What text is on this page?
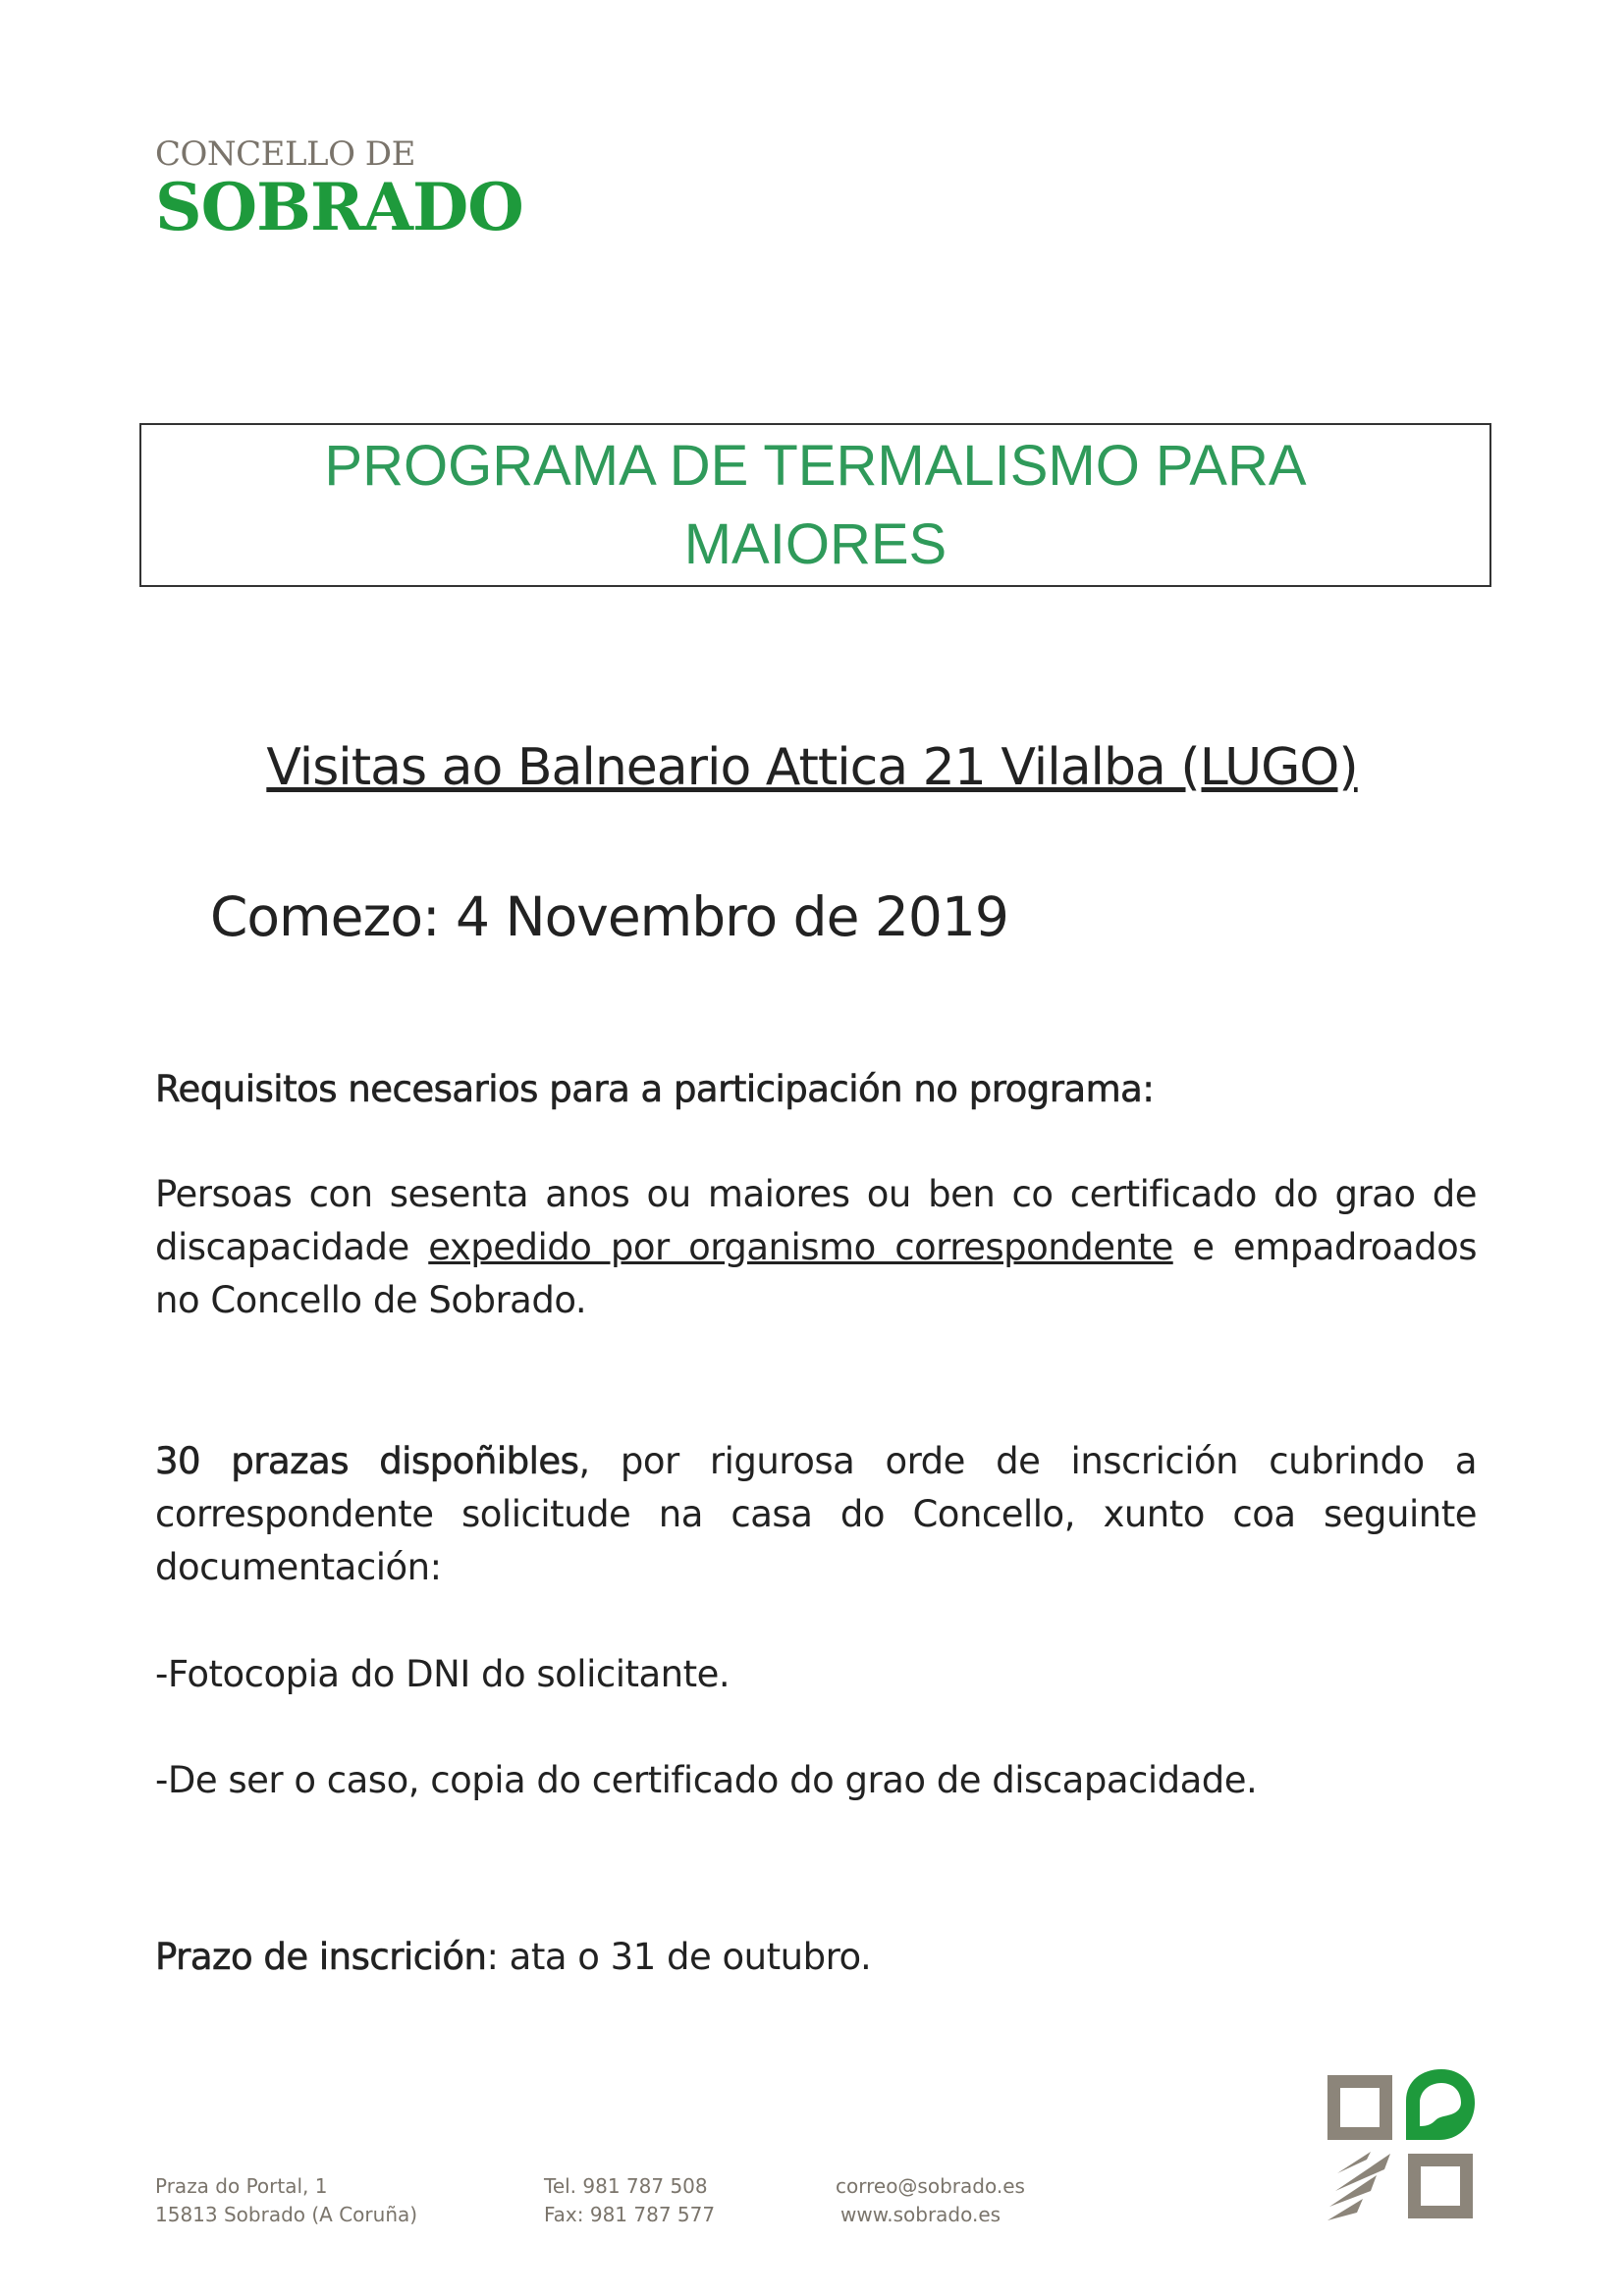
CONCELLO DE
SOBRADO
PROGRAMA DE TERMALISMO PARA
MAIORES
Visitas ao Balneario Attica 21 Vilalba (LUGO)
Comezo: 4 Novembro de 2019
Requisitos necesarios para a participación no programa:
Persoas con sesenta anos ou maiores ou ben co certificado do grao de discapacidade expedido por organismo correspondente e empadroados no Concello de Sobrado.
30 prazas dispoñibles, por rigurosa orde de inscrición cubrindo a correspondente solicitude na casa do Concello, xunto coa seguinte documentación:
-Fotocopia do DNI do solicitante.
-De ser o caso, copia do certificado do grao de discapacidade.
Prazo de inscrición: ata o 31 de outubro.
Praza do Portal, 1
15813 Sobrado (A Coruña)
Tel. 981 787 508
Fax: 981 787 577
correo@sobrado.es
www.sobrado.es
